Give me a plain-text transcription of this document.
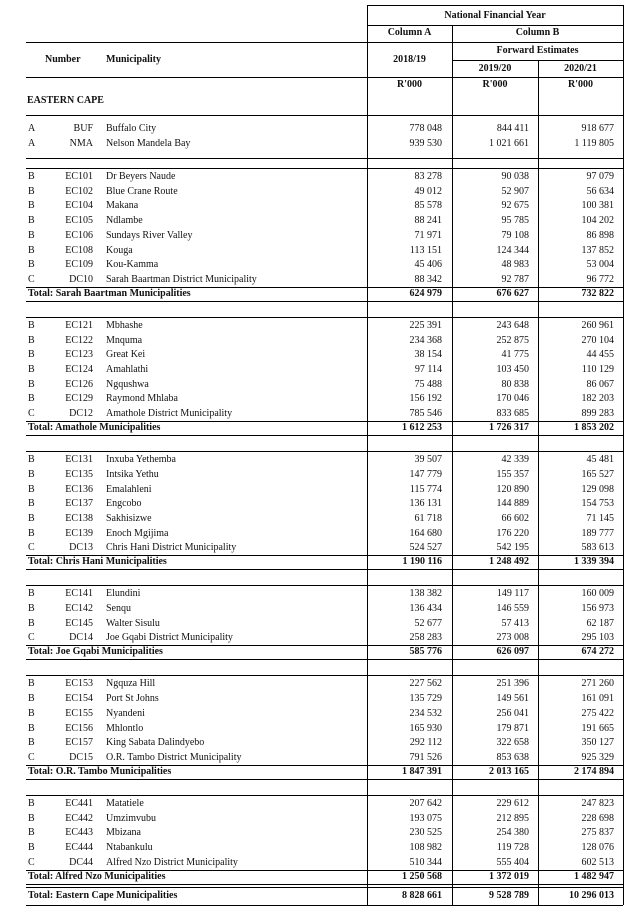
National Financial Year
Column A	Column B
Forward Estimates
Number	Municipality	2018/19
2019/20	2020/21
R'000	R'000	R'000
EASTERN CAPE
A	BUF Buffalo City	778 048	844 411	918 677
A	NMA Nelson Mandela Bay	939 530	1 021 661	1 119 805
B	EC101 Dr Beyers Naude	83 278	90 038	97 079
B	EC102 Blue Crane Route	49 012	52 907	56 634
B	EC104 Makana	85 578	92 675	100 381
B	EC105 Ndlambe	88 241	95 785	104 202
B	EC106 Sundays River Valley	71 971	79 108	86 898
B	EC108 Kouga	113 151	124 344	137 852
B	EC109 Kou-Kamma	45 406	48 983	53 004
C	DC10 Sarah Baartman District Municipality	88 342	92 787	96 772
Total: Sarah Baartman Municipalities	624 979	676 627	732 822
B	EC121 Mbhashe	225 391	243 648	260 961
B	EC122 Mnquma	234 368	252 875	270 104
B	EC123 Great Kei	38 154	41 775	44 455
B	EC124 Amahlathi	97 114	103 450	110 129
B	EC126 Ngqushwa	75 488	80 838	86 067
B	EC129 Raymond Mhlaba	156 192	170 046	182 203
C	DC12 Amathole District Municipality	785 546	833 685	899 283
Total: Amathole Municipalities	1 612 253	1 726 317	1 853 202
B	EC131 Inxuba Yethemba	39 507	42 339	45 481
B	EC135 Intsika Yethu	147 779	155 357	165 527
B	EC136 Emalahleni	115 774	120 890	129 098
B	EC137 Engcobo	136 131	144 889	154 753
B	EC138 Sakhisizwe	61 718	66 602	71 145
B	EC139 Enoch Mgijima	164 680	176 220	189 777
C	DC13 Chris Hani District Municipality	524 527	542 195	583 613
Total: Chris Hani Municipalities	1 190 116	1 248 492	1 339 394
B	EC141 Elundini	138 382	149 117	160 009
B	EC142 Senqu	136 434	146 559	156 973
B	EC145 Walter Sisulu	52 677	57 413	62 187
C	DC14 Joe Gqabi District Municipality	258 283	273 008	295 103
Total: Joe Gqabi Municipalities	585 776	626 097	674 272
B	EC153 Ngquza Hill	227 562	251 396	271 260
B	EC154 Port St Johns	135 729	149 561	161 091
B	EC155 Nyandeni	234 532	256 041	275 422
B	EC156 Mhlontlo	165 930	179 871	191 665
B	EC157 King Sabata Dalindyebo	292 112	322 658	350 127
C	DC15 O.R. Tambo District Municipality	791 526	853 638	925 329
Total: O.R. Tambo Municipalities	1 847 391	2 013 165	2 174 894
B	EC441 Matatiele	207 642	229 612	247 823
B	EC442 Umzimvubu	193 075	212 895	228 698
B	EC443 Mbizana	230 525	254 380	275 837
B	EC444 Ntabankulu	108 982	119 728	128 076
C	DC44 Alfred Nzo District Municipality	510 344	555 404	602 513
Total: Alfred Nzo Municipalities	1 250 568	1 372 019	1 482 947
Total: Eastern Cape Municipalities	8 828 661	9 528 789	10 296 013
